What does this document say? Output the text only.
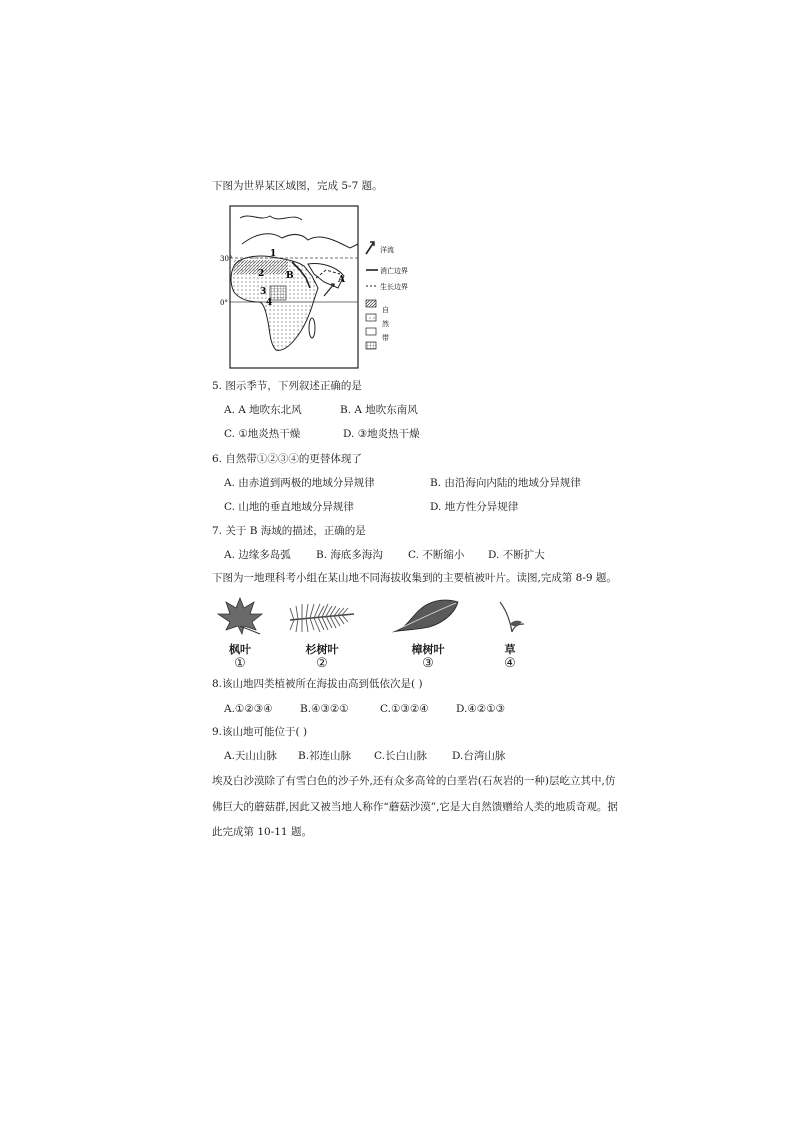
下图为世界某区域图，完成 5-7 题。
30°
0°
1
2
3
4
A
B
洋流
消亡边界
生长边界
自
然
带
5. 图示季节，下列叙述正确的是
A. A 地吹东北风	B. A 地吹东南风
C. ①地炎热干燥	D. ③地炎热干燥
6. 自然带①②③④的更替体现了
A. 由赤道到两极的地域分异规律	B. 由沿海向内陆的地域分异规律
C. 山地的垂直地域分异规律	D. 地方性分异规律
7. 关于 B 海域的描述，正确的是
A. 边缘多岛弧 B. 海底多海沟 C. 不断缩小 D. 不断扩大
下图为一地理科考小组在某山地不同海拔收集到的主要植被叶片。读图,完成第 8-9 题。
枫叶
①
杉树叶
②
樟树叶
③
草
④
8.该山地四类植被所在海拔由高到低依次是( )
A.①②③④	B.④③②①	C.①③②④	D.④②①③
9.该山地可能位于( )
A.天山山脉 B.祁连山脉 C.长白山脉 D.台湾山脉
埃及白沙漠除了有雪白色的沙子外,还有众多高耸的白垩岩(石灰岩的一种)层屹立其中,仿
佛巨大的蘑菇群,因此又被当地人称作“蘑菇沙漠”,它是大自然馈赠给人类的地质奇观。据
此完成第 10-11 题。
